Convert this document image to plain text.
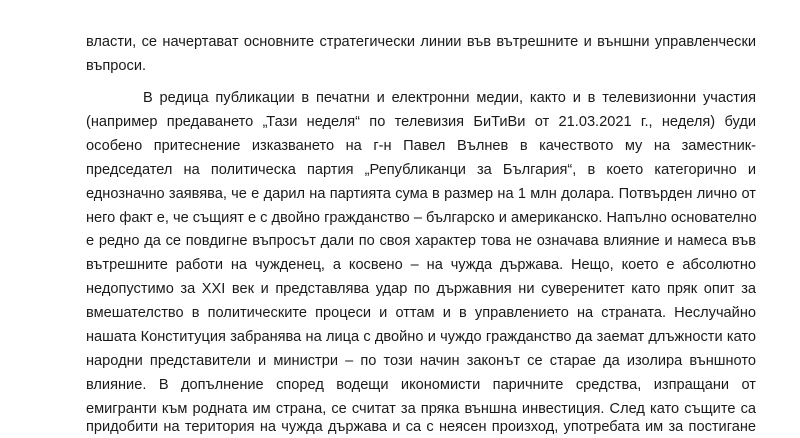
власти, се начертават основните стратегически линии във вътрешните и външни управленчески
въпроси.
В редица публикации в печатни и електронни медии, както и в телевизионни участия
(например предаването „Тази неделя“ по телевизия БиТиВи от 21.03.2021 г., неделя) буди
особено притеснение изказването на г-н Павел Вълнев в качеството му на заместник-
председател на политическа партия „Републиканци за България“, в което категорично и
еднозначно заявява, че е дарил на партията сума в размер на 1 млн долара. Потвърден лично от
него факт е, че същият е с двойно гражданство – българско и американско. Напълно основателно
е редно да се повдигне въпросът дали по своя характер това не означава влияние и намеса във
вътрешните работи на чужденец, а косвено – на чужда държава. Нещо, което е абсолютно
недопустимо за XXI век и представлява удар по държавния ни суверенитет като пряк опит за
вмешателство в политическите процеси и оттам и в управлението на страната. Неслучайно
нашата Конституция забранява на лица с двойно и чуждо гражданство да заемат длъжности като
народни представители и министри – по този начин законът се старае да изолира външното
влияние. В допълнение според водещи икономисти паричните средства, изпращани от
емигранти към родната им страна, се считат за пряка външна инвестиция. След като същите са
придобити на територия на чужда държава и са с неясен произход, употребата им за постигане
